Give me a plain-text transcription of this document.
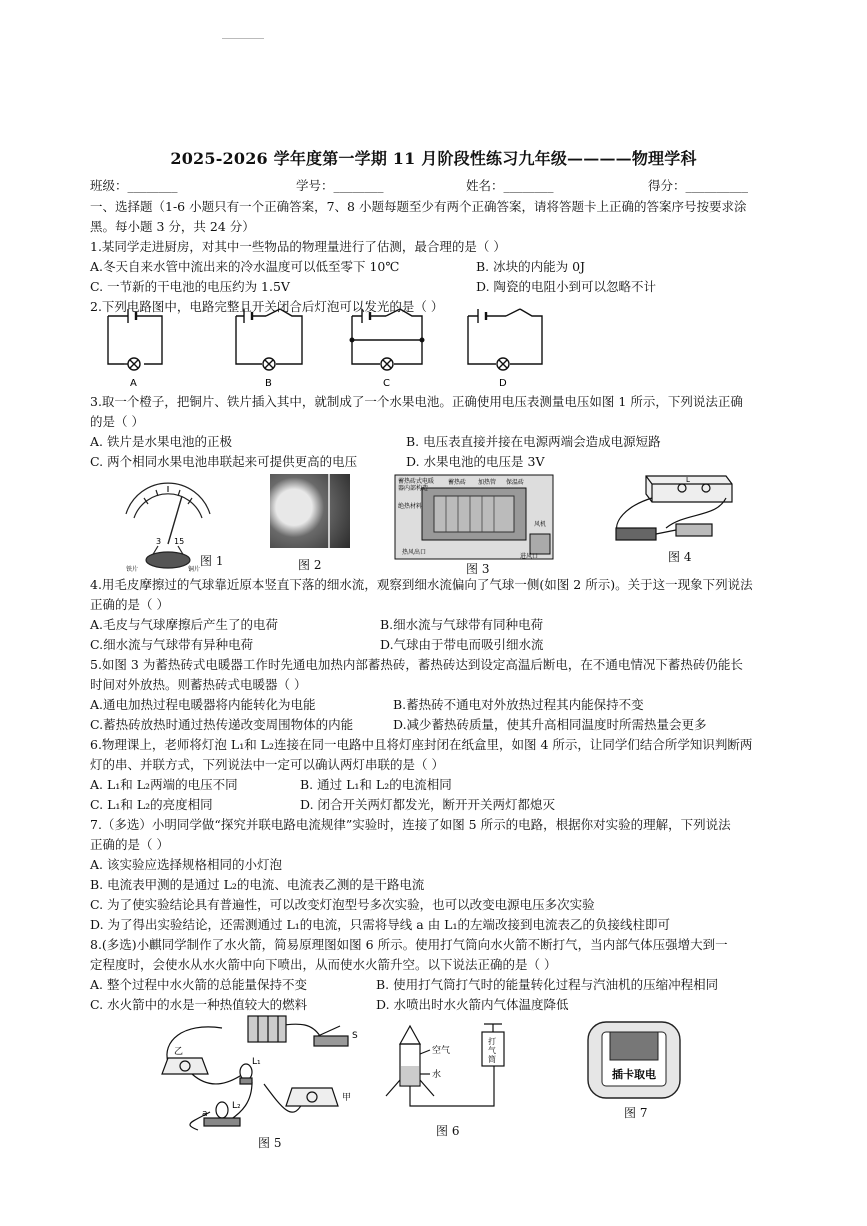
2025-2026 学年度第一学期 11 月阶段性练习九年级————物理学科
班级：________	学号：________	姓名：________	得分：__________
一、选择题（1-6 小题只有一个正确答案，7、8 小题每题至少有两个正确答案，请将答题卡上正确的答案序号按要求涂
黑。每小题 3 分，共 24 分）
1.某同学走进厨房，对其中一些物品的物理量进行了估测，最合理的是（ ）
A.冬天自来水管中流出来的冷水温度可以低至零下 10℃	B. 冰块的内能为 0J
C. 一节新的干电池的电压约为 1.5V	D. 陶瓷的电阻小到可以忽略不计
2.下列电路图中，电路完整且开关闭合后灯泡可以发光的是（ ）
A	B	C	D
3.取一个橙子，把铜片、铁片插入其中，就制成了一个水果电池。正确使用电压表测量电压如图 1 所示，下列说法正确
的是（ ）
A. 铁片是水果电池的正极	B. 电压表直接并接在电源两端会造成电源短路
C. 两个相同水果电池串联起来可提供更高的电压	D. 水果电池的电压是 3V
3 15
铁片	铜片
图 1	图 2
蓄热砖式电暖
器内部构造
蓄热砖 加热管 保温砖
绝热材料
风机
热风出口
进风口
图 3
L
图 4
4.用毛皮摩擦过的气球靠近原本竖直下落的细水流，观察到细水流偏向了气球一侧(如图 2 所示)。关于这一现象下列说法
正确的是（ ）
A.毛皮与气球摩擦后产生了的电荷	B.细水流与气球带有同种电荷
C.细水流与气球带有异种电荷	D.气球由于带电而吸引细水流
5.如图 3 为蓄热砖式电暖器工作时先通电加热内部蓄热砖，蓄热砖达到设定高温后断电，在不通电情况下蓄热砖仍能长
时间对外放热。则蓄热砖式电暖器（ ）
A.通电加热过程电暖器将内能转化为电能	B.蓄热砖不通电对外放热过程其内能保持不变
C.蓄热砖放热时通过热传递改变周围物体的内能	D.减少蓄热砖质量，使其升高相同温度时所需热量会更多
6.物理课上，老师将灯泡 L₁和 L₂连接在同一电路中且将灯座封闭在纸盒里，如图 4 所示，让同学们结合所学知识判断两
灯的串、并联方式，下列说法中一定可以确认两灯串联的是（ ）
A. L₁和 L₂两端的电压不同	B. 通过 L₁和 L₂的电流相同
C. L₁和 L₂的亮度相同	D. 闭合开关两灯都发光，断开开关两灯都熄灭
7.（多选）小明同学做“探究并联电路电流规律”实验时，连接了如图 5 所示的电路，根据你对实验的理解，下列说法
正确的是（ ）
A. 该实验应选择规格相同的小灯泡
B. 电流表甲测的是通过 L₂的电流、电流表乙测的是干路电流
C. 为了使实验结论具有普遍性，可以改变灯泡型号多次实验，也可以改变电源电压多次实验
D. 为了得出实验结论，还需测通过 L₁的电流，只需将导线 a 由 L₁的左端改接到电流表乙的负接线柱即可
8.(多选)小麒同学制作了水火箭，简易原理图如图 6 所示。使用打气筒向水火箭不断打气，当内部气体压强增大到一
定程度时，会使水从水火箭中向下喷出，从而使水火箭升空。以下说法正确的是（ ）
A. 整个过程中水火箭的总能量保持不变	B. 使用打气筒打气时的能量转化过程与汽油机的压缩冲程相同
C. 水火箭中的水是一种热值较大的燃料	D. 水喷出时水火箭内气体温度降低
乙
甲
S
L₁
L₂
a
图 5
空气
水
打
气
筒
图 6
插卡取电
图 7
